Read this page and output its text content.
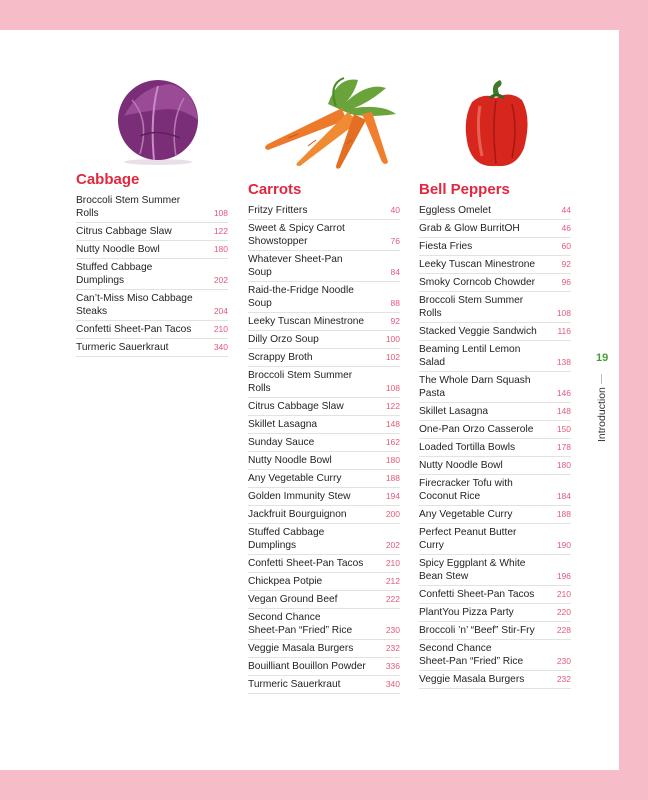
Cabbage
Broccoli Stem Summer
Rolls	108
Citrus Cabbage Slaw	122
Nutty Noodle Bowl	180
Stuffed Cabbage
Dumplings	202
Can’t-Miss Miso Cabbage
Steaks	204
Confetti Sheet-Pan Tacos	210
Turmeric Sauerkraut	340
Carrots
Fritzy Fritters	40
Sweet & Spicy Carrot
Showstopper	76
Whatever Sheet-Pan
Soup	84
Raid-the-Fridge Noodle
Soup	88
Leeky Tuscan Minestrone	92
Dilly Orzo Soup	100
Scrappy Broth	102
Broccoli Stem Summer
Rolls	108
Citrus Cabbage Slaw	122
Skillet Lasagna	148
Sunday Sauce	162
Nutty Noodle Bowl	180
Any Vegetable Curry	188
Golden Immunity Stew	194
Jackfruit Bourguignon	200
Stuffed Cabbage
Dumplings	202
Confetti Sheet-Pan Tacos	210
Chickpea Potpie	212
Vegan Ground Beef	222
Second Chance
Sheet-Pan “Fried” Rice	230
Veggie Masala Burgers	232
Bouilliant Bouillon Powder	336
Turmeric Sauerkraut	340
Bell Peppers
Eggless Omelet	44
Grab & Glow BurritOH	46
Fiesta Fries	60
Leeky Tuscan Minestrone	92
Smoky Corncob Chowder	96
Broccoli Stem Summer
Rolls	108
Stacked Veggie Sandwich	116
Beaming Lentil Lemon
Salad	138
The Whole Darn Squash
Pasta	146
Skillet Lasagna	148
One-Pan Orzo Casserole	150
Loaded Tortilla Bowls	178
Nutty Noodle Bowl	180
Firecracker Tofu with
Coconut Rice	184
Any Vegetable Curry	188
Perfect Peanut Butter
Curry	190
Spicy Eggplant & White
Bean Stew	196
Confetti Sheet-Pan Tacos	210
PlantYou Pizza Party	220
Broccoli ’n’ “Beef” Stir-Fry	228
Second Chance
Sheet-Pan “Fried” Rice	230
Veggie Masala Burgers	232
19
Introduction
